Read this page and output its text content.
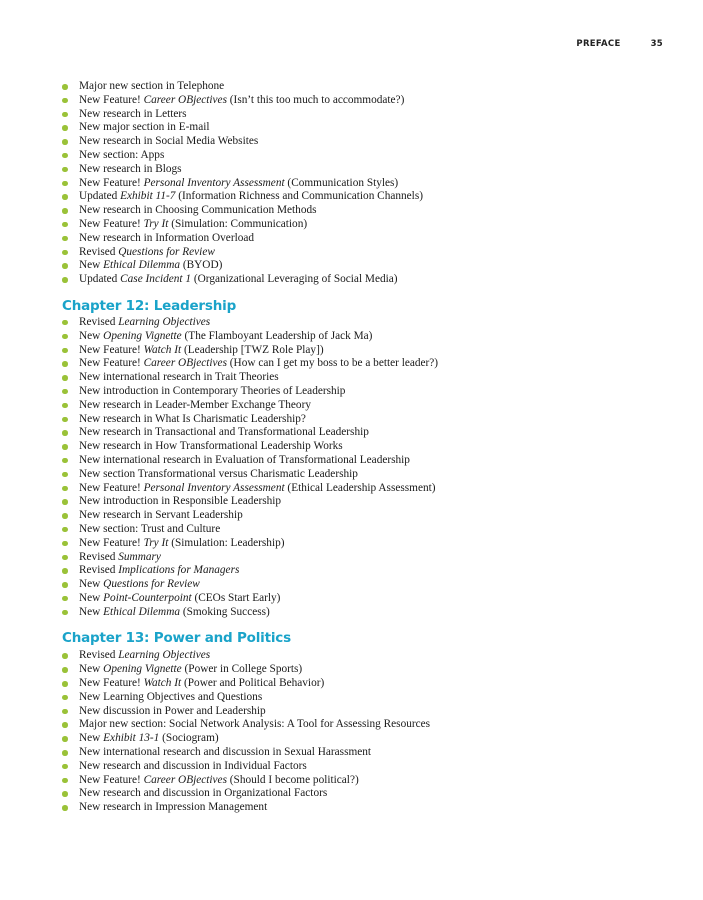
PREFACE	35
Major new section in Telephone
New Feature! Career OBjectives (Isn’t this too much to accommodate?)
New research in Letters
New major section in E-mail
New research in Social Media Websites
New section: Apps
New research in Blogs
New Feature! Personal Inventory Assessment (Communication Styles)
Updated Exhibit 11-7 (Information Richness and Communication Channels)
New research in Choosing Communication Methods
New Feature! Try It (Simulation: Communication)
New research in Information Overload
Revised Questions for Review
New Ethical Dilemma (BYOD)
Updated Case Incident 1 (Organizational Leveraging of Social Media)
Chapter 12: Leadership
Revised Learning Objectives
New Opening Vignette (The Flamboyant Leadership of Jack Ma)
New Feature! Watch It (Leadership [TWZ Role Play])
New Feature! Career OBjectives (How can I get my boss to be a better leader?)
New international research in Trait Theories
New introduction in Contemporary Theories of Leadership
New research in Leader-Member Exchange Theory
New research in What Is Charismatic Leadership?
New research in Transactional and Transformational Leadership
New research in How Transformational Leadership Works
New international research in Evaluation of Transformational Leadership
New section Transformational versus Charismatic Leadership
New Feature! Personal Inventory Assessment (Ethical Leadership Assessment)
New introduction in Responsible Leadership
New research in Servant Leadership
New section: Trust and Culture
New Feature! Try It (Simulation: Leadership)
Revised Summary
Revised Implications for Managers
New Questions for Review
New Point-Counterpoint (CEOs Start Early)
New Ethical Dilemma (Smoking Success)
Chapter 13: Power and Politics
Revised Learning Objectives
New Opening Vignette (Power in College Sports)
New Feature! Watch It (Power and Political Behavior)
New Learning Objectives and Questions
New discussion in Power and Leadership
Major new section: Social Network Analysis: A Tool for Assessing Resources
New Exhibit 13-1 (Sociogram)
New international research and discussion in Sexual Harassment
New research and discussion in Individual Factors
New Feature! Career OBjectives (Should I become political?)
New research and discussion in Organizational Factors
New research in Impression Management
